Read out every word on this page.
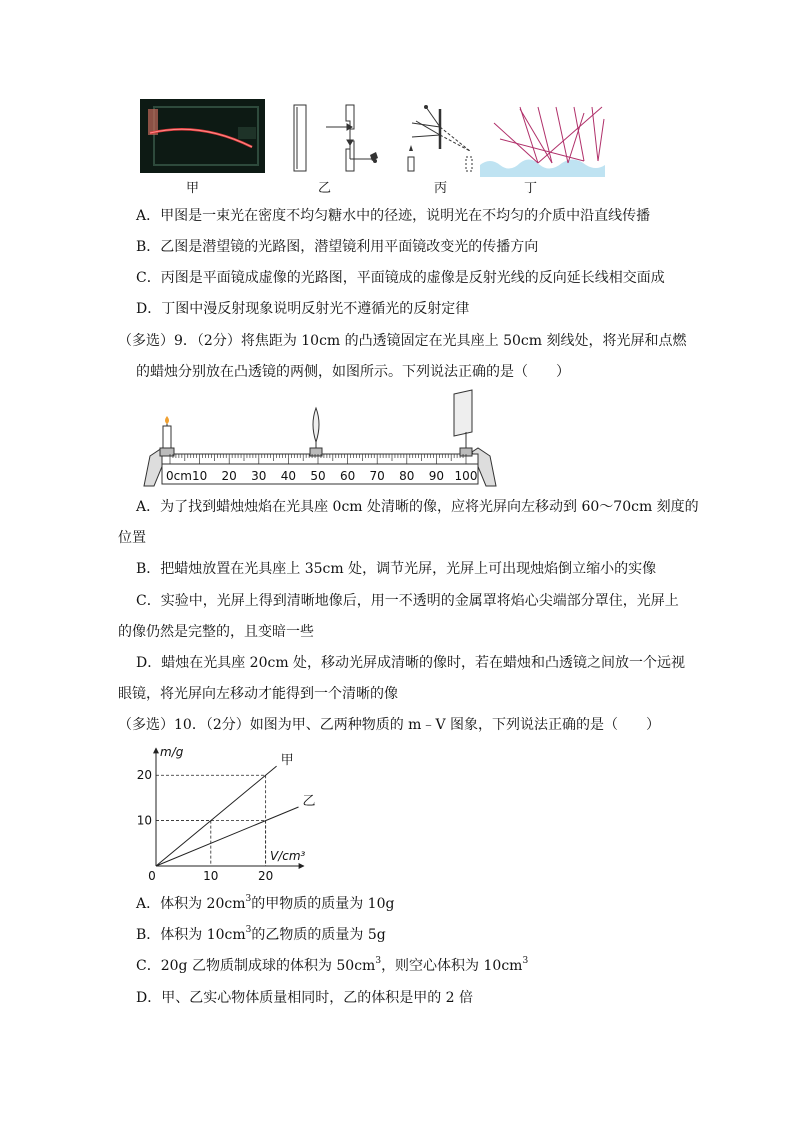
甲	乙	丙	丁
A．甲图是一束光在密度不均匀糖水中的径迹，说明光在不均匀的介质中沿直线传播
B．乙图是潜望镜的光路图，潜望镜利用平面镜改变光的传播方向
C．丙图是平面镜成虚像的光路图，平面镜成的虚像是反射光线的反向延长线相交面成
D．丁图中漫反射现象说明反射光不遵循光的反射定律
（多选）9．（2分）将焦距为 10cm 的凸透镜固定在光具座上 50cm 刻线处，将光屏和点燃
的蜡烛分别放在凸透镜的两侧，如图所示。下列说法正确的是（　　）
0cm 10 20 30 40 50 60 70 80 90 100
A．为了找到蜡烛烛焰在光具座 0cm 处清晰的像，应将光屏向左移动到 60～70cm 刻度的
位置
B．把蜡烛放置在光具座上 35cm 处，调节光屏，光屏上可出现烛焰倒立缩小的实像
C．实验中，光屏上得到清晰地像后，用一不透明的金属罩将焰心尖端部分罩住，光屏上
的像仍然是完整的，且变暗一些
D．蜡烛在光具座 20cm 处，移动光屏成清晰的像时，若在蜡烛和凸透镜之间放一个远视
眼镜，将光屏向左移动才能得到一个清晰的像
（多选）10．（2分）如图为甲、乙两种物质的 m﹣V 图象，下列说法正确的是（　　）
甲
乙
m/g
V/cm³
0	10	20
10
20
A．体积为 $20cm^3$的甲物质的质量为 10g
B．体积为 $10cm^3$的乙物质的质量为 5g
C．20g 乙物质制成球的体积为 $50cm^3$，则空心体积为 $10cm^3$
D．甲、乙实心物体质量相同时，乙的体积是甲的 2 倍
